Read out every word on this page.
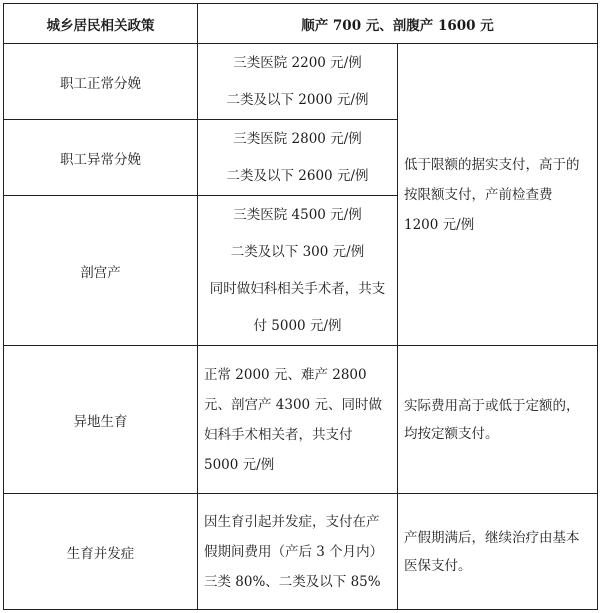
城乡居民相关政策	顺产 700 元、剖腹产 1600 元	
职工正常分娩	三类医院 2200 元/例
二类及以下 2000 元/例	低于限额的据实支付，高于的按限额支付，产前检查费 1200 元/例

职工异常分娩	三类医院 2800 元/例
二类及以下 2600 元/例	

剖宫产	三类医院 4500 元/例
二类及以下 300 元/例
同时做妇科相关手术者，共支
付 5000 元/例	

异地生育	正常 2000 元、难产 2800 元、剖宫产 4300 元、同时做妇科手术相关者，共支付 5000 元/例	实际费用高于或低于定额的，均按定额支付。

生育并发症	因生育引起并发症，支付在产假期间费用（产后 3 个月内）三类 80%、二类及以下 85%	产假期满后，继续治疗由基本医保支付。
